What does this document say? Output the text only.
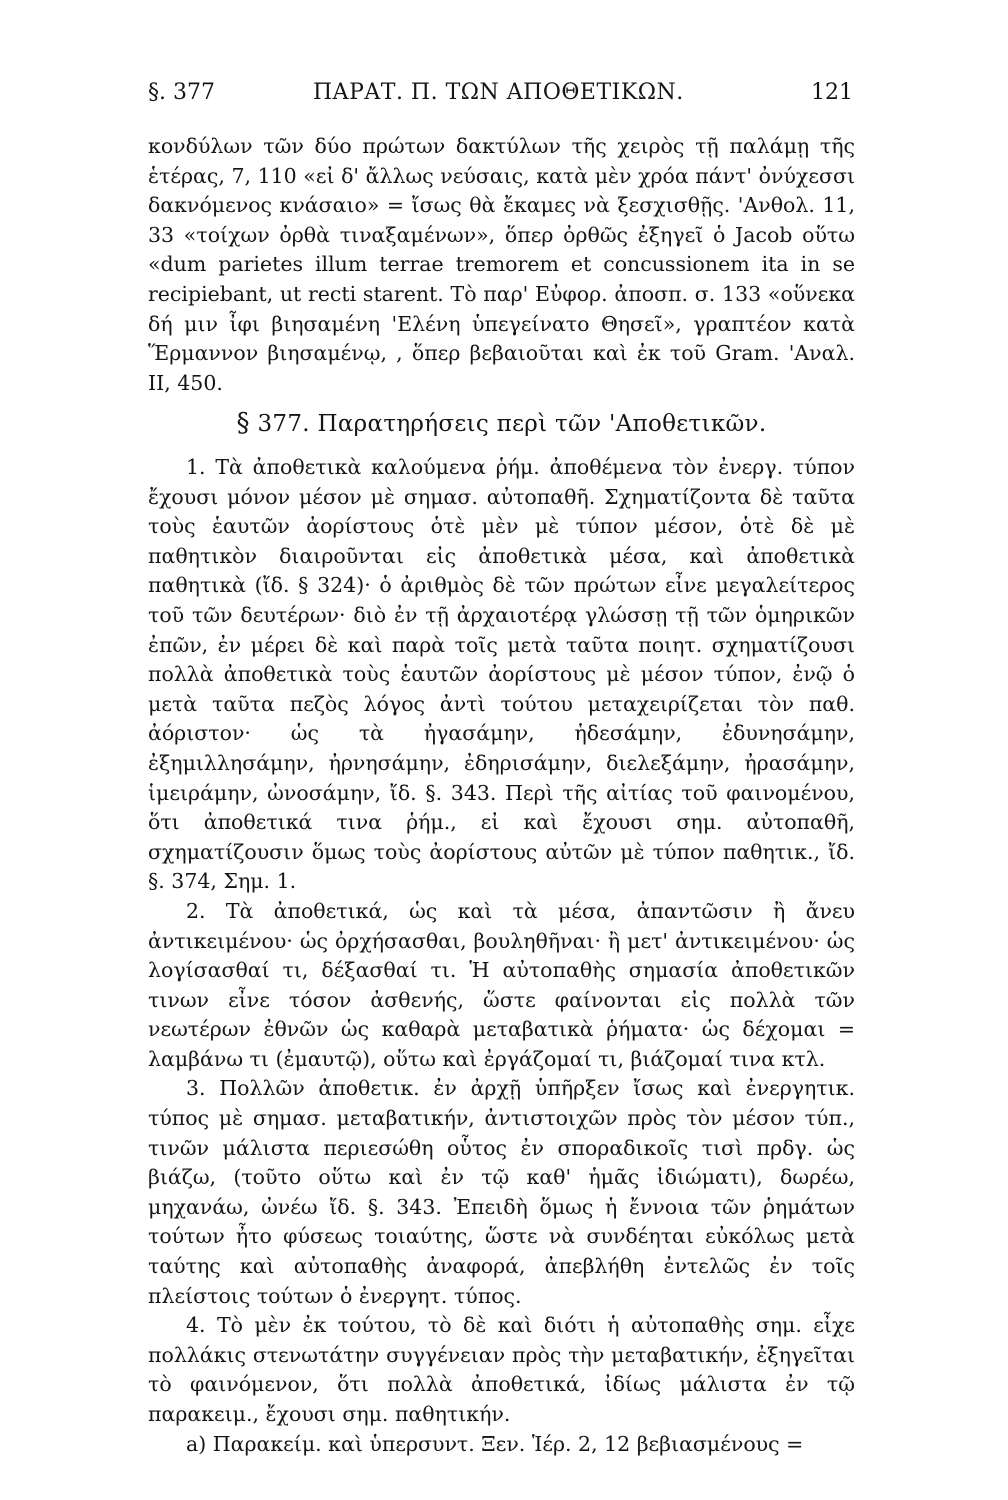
§. 377	ΠΑΡΑΤ. Π. ΤΩΝ ΑΠΟΘΕΤΙΚΩΝ.	121

κονδύλων τῶν δύο πρώτων δακτύλων τῆς χειρὸς τῇ παλάμῃ τῆς ἑτέρας, 7, 110 «εἰ δ' ἄλλως νεύσαις, κατὰ μὲν χρόα πάντ' ὀνύχεσσι δακνόμενος κνάσαιο» = ἴσως θὰ ἔκαμες νὰ ξεσχισθῇς. 'Ανθολ. 11, 33 «τοίχων ὀρθὰ τιναξαμένων», ὅπερ ὀρθῶς ἐξηγεῖ ὁ Jacob οὕτω «dum parietes illum terrae tremorem et concussionem ita in se recipiebant, ut recti starent. Τὸ παρ' Εὐφορ. ἀποσπ. σ. 133 «οὕνεκα δή μιν ἶφι βιησαμένη 'Ελένη ὑπεγείνατο Θησεῖ», γραπτέον κατὰ Ἕρμαννον βιησαμένῳ, , ὅπερ βεβαιοῦται καὶ ἐκ τοῦ Gram. 'Αναλ. II, 450.

§ 377. Παρατηρήσεις περὶ τῶν 'Αποθετικῶν.

1. Τὰ ἀποθετικὰ καλούμενα ῥήμ. ἀποθέμενα τὸν ἐνεργ. τύπον ἔχουσι μόνον μέσον μὲ σημασ. αὐτοπαθῆ. Σχηματίζοντα δὲ ταῦτα τοὺς ἑαυτῶν ἀορίστους ὁτὲ μὲν μὲ τύπον μέσον, ὁτὲ δὲ μὲ παθητικὸν διαιροῦνται εἰς ἀποθετικὰ μέσα, καὶ ἀποθετικὰ παθητικὰ (ἴδ. § 324)· ὁ ἀριθμὸς δὲ τῶν πρώτων εἶνε μεγαλείτερος τοῦ τῶν δευτέρων· διὸ ἐν τῇ ἀρχαιοτέρᾳ γλώσσῃ τῇ τῶν ὁμηρικῶν ἐπῶν, ἐν μέρει δὲ καὶ παρὰ τοῖς μετὰ ταῦτα ποιητ. σχηματίζουσι πολλὰ ἀποθετικὰ τοὺς ἑαυτῶν ἀορίστους μὲ μέσον τύπον, ἐνῷ ὁ μετὰ ταῦτα πεζὸς λόγος ἀντὶ τούτου μεταχειρίζεται τὸν παθ. ἀόριστον· ὡς τὰ ἠγασάμην, ἡδεσάμην, ἐδυνησάμην, ἐξημιλλησάμην, ἠρνησάμην, ἐδηρισάμην, διελεξάμην, ἠρασάμην, ἱμειράμην, ὠνοσάμην, ἴδ. §. 343. Περὶ τῆς αἰτίας τοῦ φαινομένου, ὅτι ἀποθετικά τινα ῥήμ., εἰ καὶ ἔχουσι σημ. αὐτοπαθῆ, σχηματίζουσιν ὅμως τοὺς ἀορίστους αὐτῶν μὲ τύπον παθητικ., ἴδ. §. 374, Σημ. 1.

2. Τὰ ἀποθετικά, ὡς καὶ τὰ μέσα, ἀπαντῶσιν ἢ ἄνευ ἀντικειμένου· ὡς ὀρχήσασθαι, βουληθῆναι· ἢ μετ' ἀντικειμένου· ὡς λογίσασθαί τι, δέξασθαί τι. Ἡ αὐτοπαθὴς σημασία ἀποθετικῶν τινων εἶνε τόσον ἀσθενής, ὥστε φαίνονται εἰς πολλὰ τῶν νεωτέρων ἐθνῶν ὡς καθαρὰ μεταβατικὰ ῥήματα· ὡς δέχομαι = λαμβάνω τι (ἐμαυτῷ), οὕτω καὶ ἐργάζομαί τι, βιάζομαί τινα κτλ.

3. Πολλῶν ἀποθετικ. ἐν ἀρχῇ ὑπῆρξεν ἴσως καὶ ἐνεργητικ. τύπος μὲ σημασ. μεταβατικήν, ἀντιστοιχῶν πρὸς τὸν μέσον τύπ., τινῶν μάλιστα περιεσώθη οὗτος ἐν σποραδικοῖς τισὶ πρδγ. ὡς βιάζω, (τοῦτο οὕτω καὶ ἐν τῷ καθ' ἡμᾶς ἰδιώματι), δωρέω, μηχανάω, ὠνέω ἴδ. §. 343. Ἐπειδὴ ὅμως ἡ ἔννοια τῶν ῥημάτων τούτων ἦτο φύσεως τοιαύτης, ὥστε νὰ συνδέηται εὐκόλως μετὰ ταύτης καὶ αὐτοπαθὴς ἀναφορά, ἀπεβλήθη ἐντελῶς ἐν τοῖς πλείστοις τούτων ὁ ἐνεργητ. τύπος.

4. Τὸ μὲν ἐκ τούτου, τὸ δὲ καὶ διότι ἡ αὐτοπαθὴς σημ. εἶχε πολλάκις στενωτάτην συγγένειαν πρὸς τὴν μεταβατικήν, ἐξηγεῖται τὸ φαινόμενον, ὅτι πολλὰ ἀποθετικά, ἰδίως μάλιστα ἐν τῷ παρακειμ., ἔχουσι σημ. παθητικήν.

a) Παρακείμ. καὶ ὑπερσυντ. Ξεν. Ἱέρ. 2, 12 βεβιασμένους =
